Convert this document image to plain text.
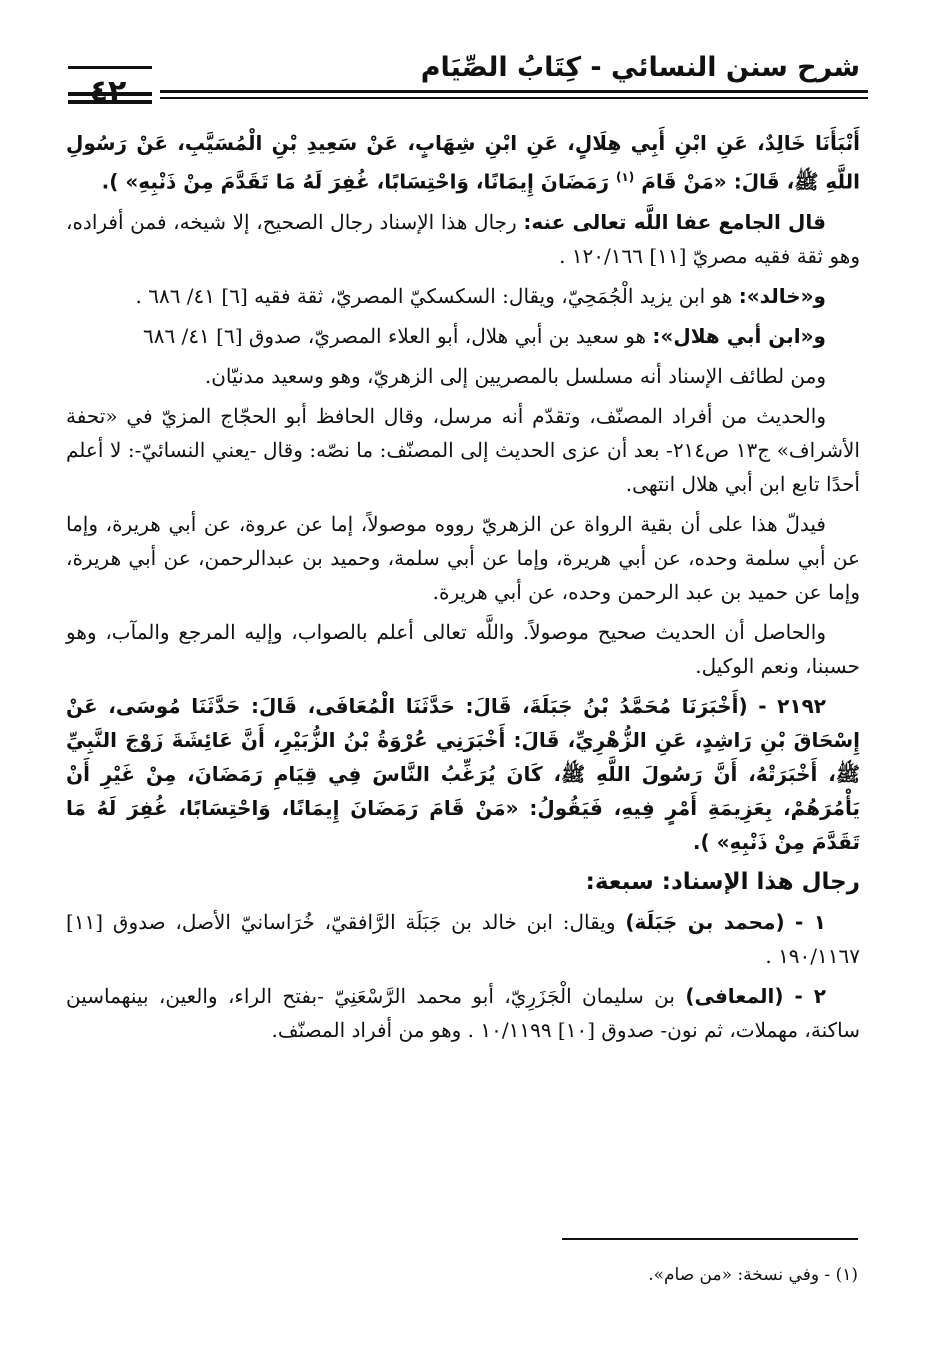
شرح سنن النسائي - كِتَابُ الصِّيَام

أَنْبَأَنَا خَالِدٌ، عَنِ ابْنِ أَبِي هِلَالٍ، عَنِ ابْنِ شِهَابٍ، عَنْ سَعِيدِ بْنِ الْمُسَيَّبِ، عَنْ رَسُولِ اللَّهِ ﷺ، قَالَ: «مَنْ قَامَ $^{(١)}$ رَمَضَانَ إِيمَانًا، وَاحْتِسَابًا، غُفِرَ لَهُ مَا تَقَدَّمَ مِنْ ذَنْبِهِ» ).

قال الجامع عفا اللَّه تعالى عنه: رجال هذا الإسناد رجال الصحيح، إلا شيخه، فمن أفراده، وهو ثقة فقيه مصريّ [١١] ١٢٠/١٦٦ .

و«خالد»: هو ابن يزيد الْجُمَحِيّ، ويقال: السكسكيّ المصريّ، ثقة فقيه [٦] ٤١/ ٦٨٦ .

و«ابن أبي هلال»: هو سعيد بن أبي هلال، أبو العلاء المصريّ، صدوق [٦] ٤١/ ٦٨٦

ومن لطائف الإسناد أنه مسلسل بالمصريين إلى الزهريّ، وهو وسعيد مدنيّان.

والحديث من أفراد المصنّف، وتقدّم أنه مرسل، وقال الحافظ أبو الحجّاج المزيّ في «تحفة الأشراف» ج١٣ ص٢١٤- بعد أن عزى الحديث إلى المصنّف: ما نصّه: وقال -يعني النسائيّ-: لا أعلم أحدًا تابع ابن أبي هلال انتهى.

فيدلّ هذا على أن بقية الرواة عن الزهريّ رووه موصولاً، إما عن عروة، عن أبي هريرة، وإما عن أبي سلمة وحده، عن أبي هريرة، وإما عن أبي سلمة، وحميد بن عبدالرحمن، عن أبي هريرة، وإما عن حميد بن عبد الرحمن وحده، عن أبي هريرة.

والحاصل أن الحديث صحيح موصولاً. واللَّه تعالى أعلم بالصواب، وإليه المرجع والمآب، وهو حسبنا، ونعم الوكيل.

٢١٩٢ - (أَخْبَرَنَا مُحَمَّدُ بْنُ جَبَلَةَ، قَالَ: حَدَّثَنَا الْمُعَافَى، قَالَ: حَدَّثَنَا مُوسَى، عَنْ إِسْحَاقَ بْنِ رَاشِدٍ، عَنِ الزُّهْرِيِّ، قَالَ: أَخْبَرَنِي عُرْوَةُ بْنُ الزُّبَيْرِ، أَنَّ عَائِشَةَ زَوْجَ النَّبِيِّ ﷺ، أَخْبَرَتْهُ، أَنَّ رَسُولَ اللَّهِ ﷺ، كَانَ يُرَغِّبُ النَّاسَ فِي قِيَامِ رَمَضَانَ، مِنْ غَيْرِ أَنْ يَأْمُرَهُمْ، بِعَزِيمَةِ أَمْرٍ فِيهِ، فَيَقُولُ: «مَنْ قَامَ رَمَضَانَ إِيمَانًا، وَاحْتِسَابًا، غُفِرَ لَهُ مَا تَقَدَّمَ مِنْ ذَنْبِهِ» ).

رجال هذا الإسناد: سبعة:

١ - (محمد بن جَبَلَة) ويقال: ابن خالد بن جَبَلَة الرَّافقيّ، خُرَاسانيّ الأصل، صدوق [١١] ١٩٠/١١٦٧ .

٢ - (المعافى) بن سليمان الْجَزَرِيّ، أبو محمد الرَّسْعَنِيّ -بفتح الراء، والعين، بينهماسين ساكنة، مهملات، ثم نون- صدوق [١٠] ١٠/١١٩٩ . وهو من أفراد المصنّف.

(١) - وفي نسخة: «من صام».
